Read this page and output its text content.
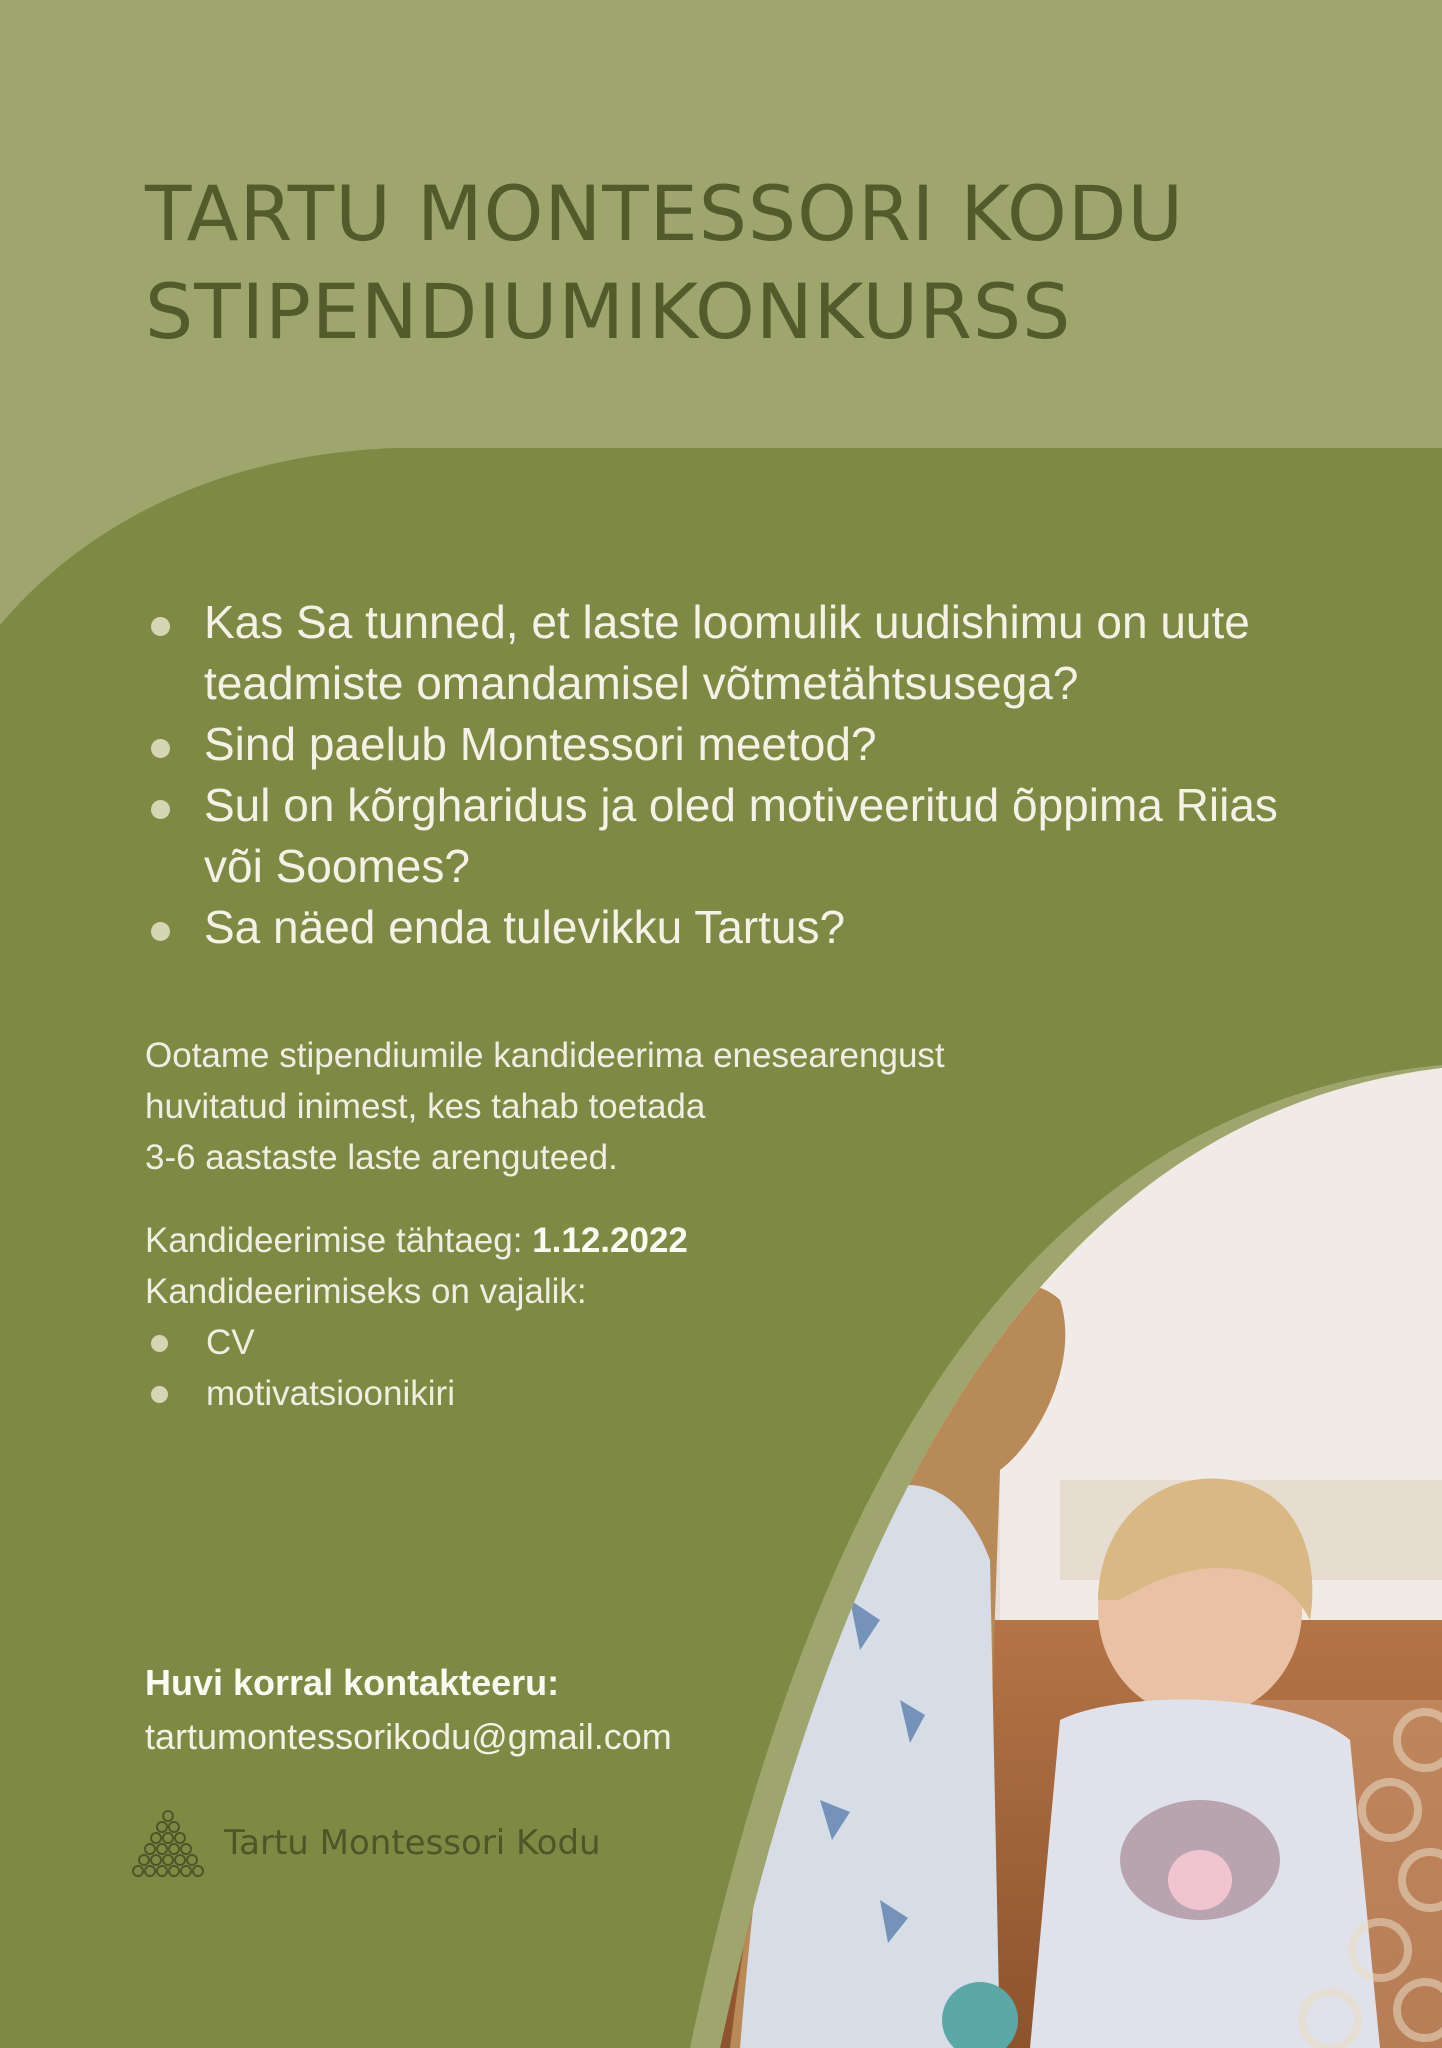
TARTU MONTESSORI KODU
STIPENDIUMIKONKURSS
Kas Sa tunned, et laste loomulik uudishimu on uute teadmiste omandamisel võtmetähtsusega?
Sind paelub Montessori meetod?
Sul on kõrgharidus ja oled motiveeritud õppima Riias või Soomes?
Sa näed enda tulevikku Tartus?

Ootame stipendiumile kandideerima enesearengust
huvitatud inimest, kes tahab toetada
3-6 aastaste laste arenguteed.

Kandideerimise tähtaeg: 1.12.2022
Kandideerimiseks on vajalik:
CV
motivatsioonikiri
Huvi korral kontakteeru:
tartumontessorikodu@gmail.com
Tartu Montessori Kodu
